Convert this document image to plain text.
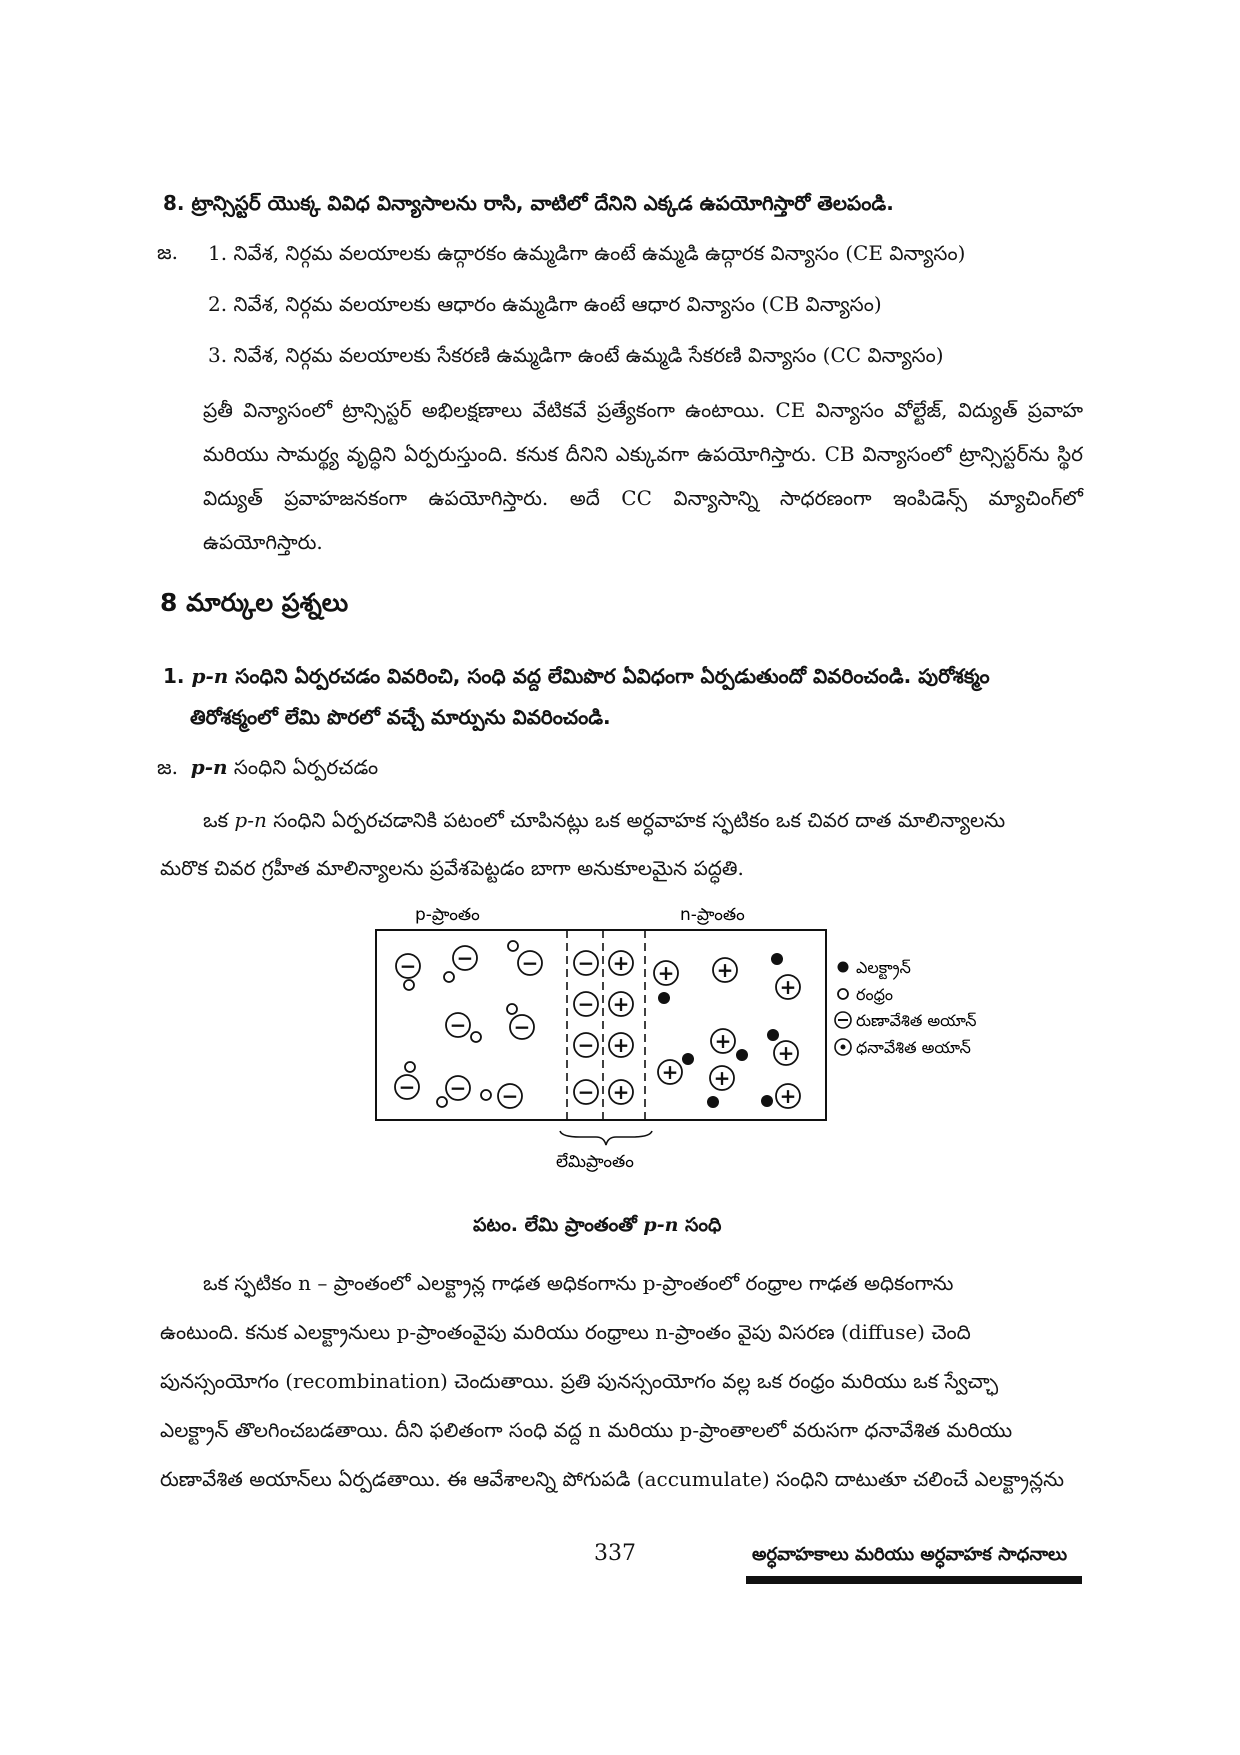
8. ట్రాన్సిస్టర్ యొక్క వివిధ విన్యాసాలను రాసి, వాటిలో దేనిని ఎక్కడ ఉపయోగిస్తారో తెలపండి.
జ. 1. నివేశ, నిర్గమ వలయాలకు ఉద్గారకం ఉమ్మడిగా ఉంటే ఉమ్మడి ఉద్గారక విన్యాసం (CE విన్యాసం)
2. నివేశ, నిర్గమ వలయాలకు ఆధారం ఉమ్మడిగా ఉంటే ఆధార విన్యాసం (CB విన్యాసం)
3. నివేశ, నిర్గమ వలయాలకు సేకరణి ఉమ్మడిగా ఉంటే ఉమ్మడి సేకరణి విన్యాసం (CC విన్యాసం)
ప్రతీ విన్యాసంలో ట్రాన్సిస్టర్ అభిలక్షణాలు వేటికవే ప్రత్యేకంగా ఉంటాయి. CE విన్యాసం వోల్టేజ్, విద్యుత్ ప్రవాహ మరియు సామర్థ్య వృద్ధిని ఏర్పరుస్తుంది. కనుక దీనిని ఎక్కువగా ఉపయోగిస్తారు. CB విన్యాసంలో ట్రాన్సిస్టర్‌ను స్థిర విద్యుత్ ప్రవాహజనకంగా ఉపయోగిస్తారు. అదే CC విన్యాసాన్ని సాధరణంగా ఇంపిడెన్స్ మ్యాచింగ్‌లో ఉపయోగిస్తారు.
8 మార్కుల ప్రశ్నలు
1. p-n సంధిని ఏర్పరచడం వివరించి, సంధి వద్ద లేమిపొర ఏవిధంగా ఏర్పడుతుందో వివరించండి. పురోశక్మం
తిరోశక్మంలో లేమి పొరలో వచ్చే మార్పును వివరించండి.
జ. p-n సంధిని ఏర్పరచడం
ఒక p-n సంధిని ఏర్పరచడానికి పటంలో చూపినట్లు ఒక అర్ధవాహక స్ఫటికం ఒక చివర దాత మాలిన్యాలను
మరొక చివర గ్రహీత మాలిన్యాలను ప్రవేశపెట్టడం బాగా అనుకూలమైన పద్ధతి.
p-ప్రాంతం	n-ప్రాంతం
లేమిప్రాంతం
− − −
− −
− − −
−
−
−
−
+
+
+
+
+ +
+
+ +
+ +
+
ఎలక్ట్రాన్
రంధ్రం
రుణావేశిత అయాన్
ధనావేశిత అయాన్
పటం. లేమి ప్రాంతంతో p-n సంధి
ఒక స్ఫటికం n – ప్రాంతంలో ఎలక్ట్రాన్ల గాఢత అధికంగాను p-ప్రాంతంలో రంధ్రాల గాఢత అధికంగాను
ఉంటుంది. కనుక ఎలక్ట్రానులు p-ప్రాంతంవైపు మరియు రంధ్రాలు n-ప్రాంతం వైపు విసరణ (diffuse) చెంది
పునస్సంయోగం (recombination) చెందుతాయి. ప్రతి పునస్సంయోగం వల్ల ఒక రంధ్రం మరియు ఒక స్వేచ్ఛా
ఎలక్ట్రాన్ తొలగించబడతాయి. దీని ఫలితంగా సంధి వద్ద n మరియు p-ప్రాంతాలలో వరుసగా ధనావేశిత మరియు
రుణావేశిత అయాన్‌లు ఏర్పడతాయి. ఈ ఆవేశాలన్ని పోగుపడి (accumulate) సంధిని దాటుతూ చలించే ఎలక్ట్రాన్లను
337	అర్ధవాహకాలు మరియు అర్ధవాహక సాధనాలు
